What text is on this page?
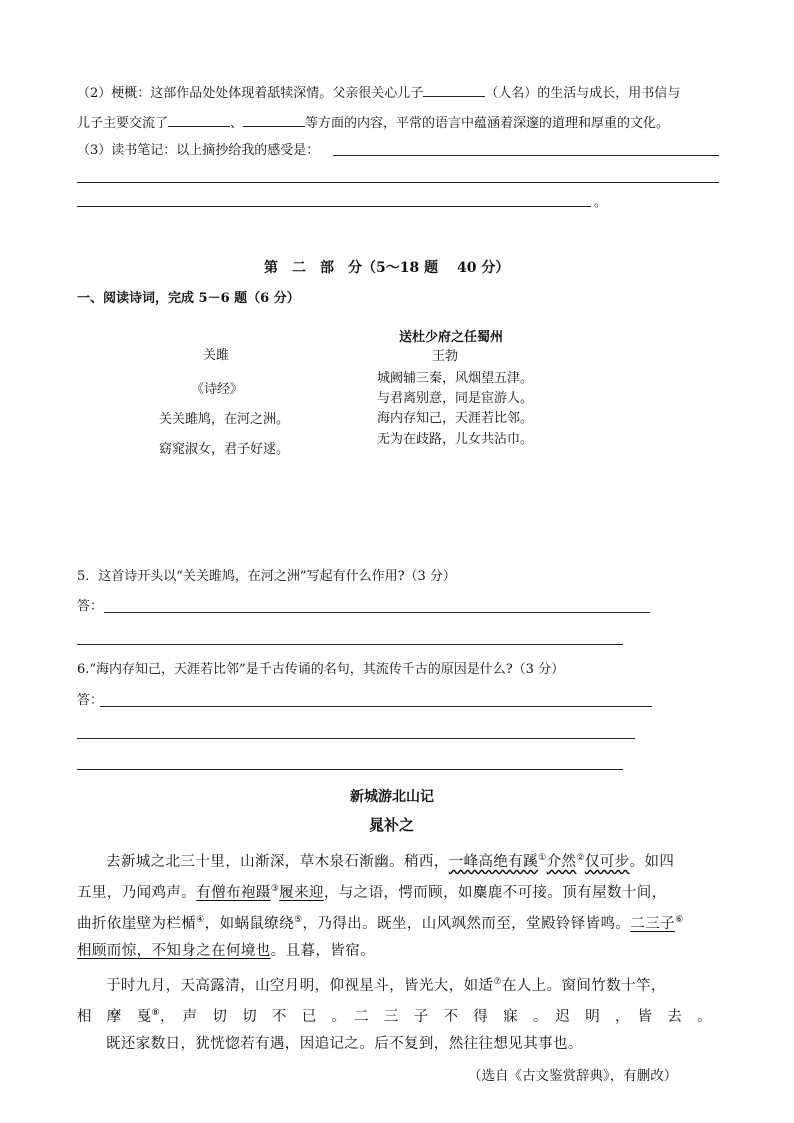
（2）梗概：这部作品处处体现着舐犊深情。父亲很关心儿子	（人名）的生活与成长，用书信与
儿子主要交流了	、	等方面的内容，平常的语言中蕴涵着深邃的道理和厚重的文化。
（3）读书笔记：以上摘抄给我的感受是：
。
第　二　部　分（5～18 题　 40 分）
一、阅读诗词，完成 5－6 题（6 分）
关雎
《诗经》
关关雎鸠，在河之洲。
窈窕淑女，君子好逑。
送杜少府之任蜀州
王勃
城阙辅三秦，风烟望五津。
与君离别意，同是宦游人。
海内存知己，天涯若比邻。
无为在歧路，儿女共沾巾。
5．这首诗开头以“关关雎鸠，在河之洲”写起有什么作用?（3 分）
答：
6.“海内存知己，天涯若比邻”是千古传诵的名句，其流传千古的原因是什么?（3 分）
答：
新城游北山记
晁补之
去新城之北三十里，山渐深，草木泉石渐幽。稍西，一峰高绝有蹊①介然②仅可步。如四
五里，乃闻鸡声。有僧布袍蹑③履来迎，与之语，愕而顾，如麋鹿不可接。顶有屋数十间，
曲折依崖壁为栏楯④，如蜗鼠缭绕⑤，乃得出。既坐，山风飒然而至，堂殿铃铎皆鸣。二三子⑥
相顾而惊，不知身之在何境也。且暮，皆宿。
于时九月，天高露清，山空月明，仰视星斗，皆光大，如适⑦在人上。窗间竹数十竿，
相　摩　戛⑧，　声　切　切　不　已　。　二　三　子　不　得　寐　。　迟　明　，　皆　去　。
既还家数日，犹恍惚若有遇，因追记之。后不复到，然往往想见其事也。
（选自《古文鉴赏辞典》，有删改）
